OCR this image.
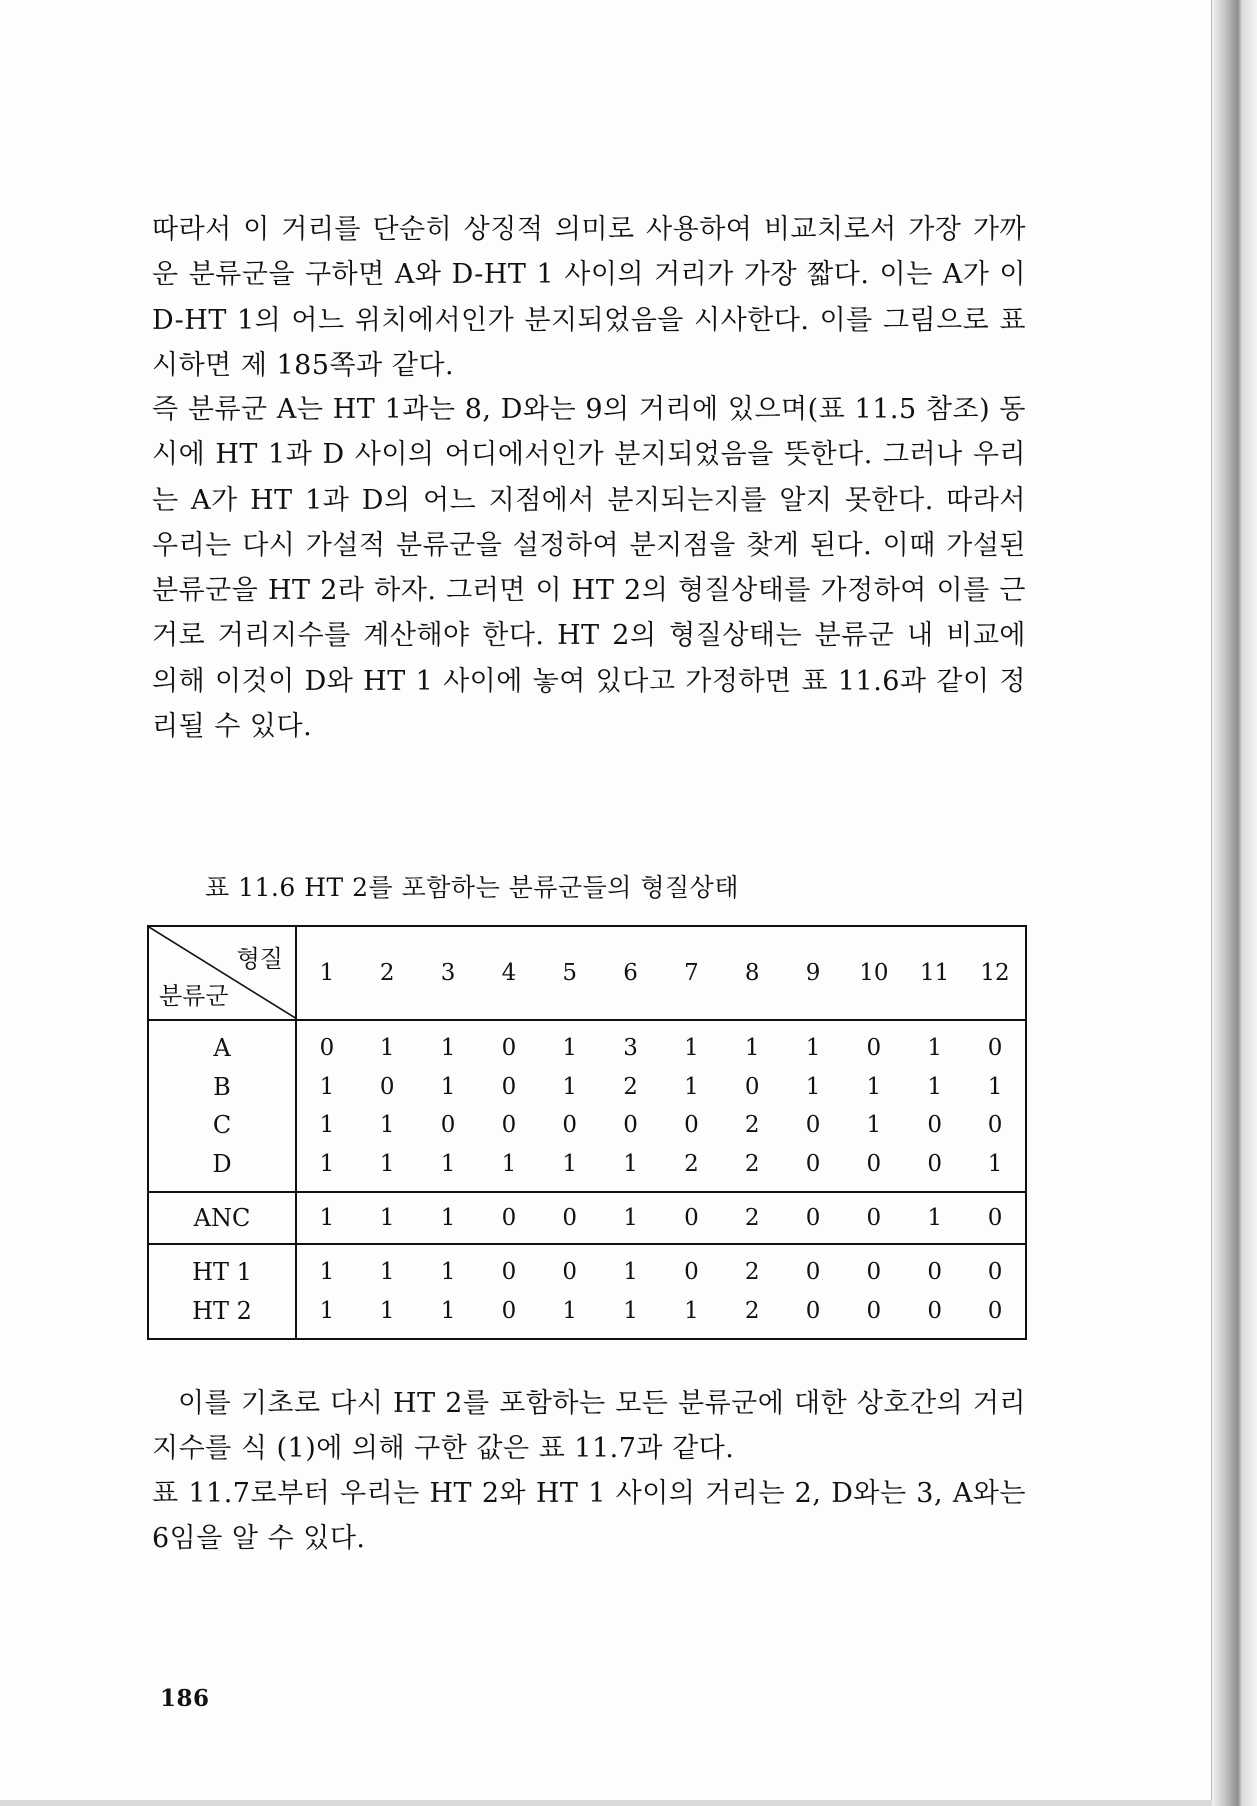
따라서 이 거리를 단순히 상징적 의미로 사용하여 비교치로서 가장 가까운 분류군을 구하면 A와 D-HT 1 사이의 거리가 가장 짧다. 이는 A가 이 D-HT 1의 어느 위치에서인가 분지되었음을 시사한다. 이를 그림으로 표시하면 제 185쪽과 같다.

즉 분류군 A는 HT 1과는 8, D와는 9의 거리에 있으며(표 11.5 참조) 동시에 HT 1과 D 사이의 어디에서인가 분지되었음을 뜻한다. 그러나 우리는 A가 HT 1과 D의 어느 지점에서 분지되는지를 알지 못한다. 따라서 우리는 다시 가설적 분류군을 설정하여 분지점을 찾게 된다. 이때 가설된 분류군을 HT 2라 하자. 그러면 이 HT 2의 형질상태를 가정하여 이를 근거로 거리지수를 계산해야 한다. HT 2의 형질상태는 분류군 내 비교에 의해 이것이 D와 HT 1 사이에 놓여 있다고 가정하면 표 11.6과 같이 정리될 수 있다.

표 11.6 HT 2를 포함하는 분류군들의 형질상태

형질
분류군	1	2	3	4	5	6	7	8	9	10	11	12
A	0	1	1	0	1	3	1	1	1	0	1	0
B	1	0	1	0	1	2	1	0	1	1	1	1
C	1	1	0	0	0	0	0	2	0	1	0	0
D	1	1	1	1	1	1	2	2	0	0	0	1
ANC	1	1	1	0	0	1	0	2	0	0	1	0
HT 1	1	1	1	0	0	1	0	2	0	0	0	0
HT 2	1	1	1	0	1	1	1	2	0	0	0	0

이를 기초로 다시 HT 2를 포함하는 모든 분류군에 대한 상호간의 거리지수를 식 (1)에 의해 구한 값은 표 11.7과 같다.

표 11.7로부터 우리는 HT 2와 HT 1 사이의 거리는 2, D와는 3, A와는 6임을 알 수 있다.

186
